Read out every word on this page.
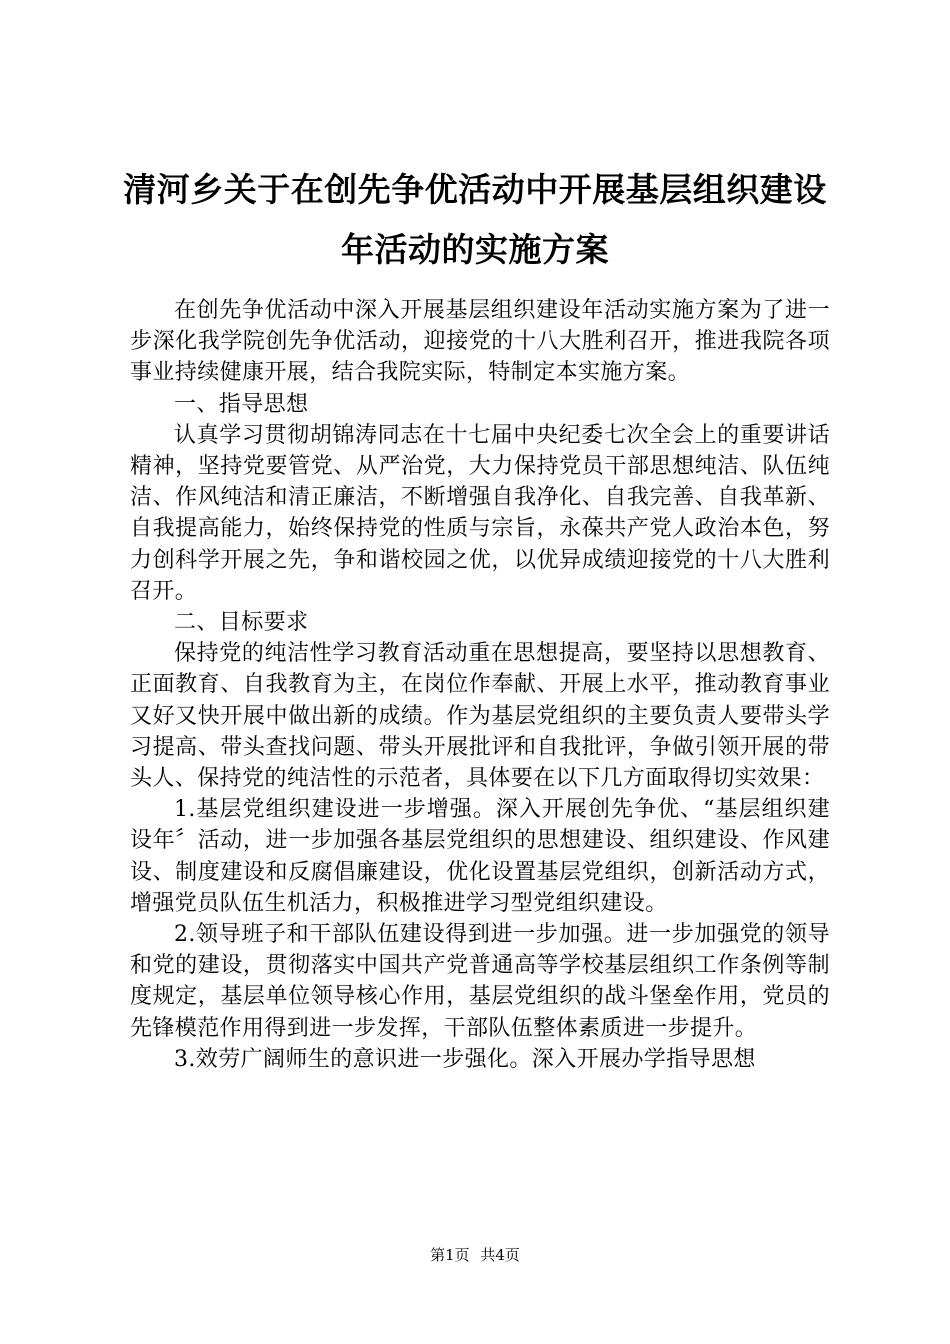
清河乡关于在创先争优活动中开展基层组织建设年活动的实施方案

在创先争优活动中深入开展基层组织建设年活动实施方案为了进一步深化我学院创先争优活动，迎接党的十八大胜利召开，推进我院各项事业持续健康开展，结合我院实际，特制定本实施方案。

一、指导思想

认真学习贯彻胡锦涛同志在十七届中央纪委七次全会上的重要讲话精神，坚持党要管党、从严治党，大力保持党员干部思想纯洁、队伍纯洁、作风纯洁和清正廉洁，不断增强自我净化、自我完善、自我革新、自我提高能力，始终保持党的性质与宗旨，永葆共产党人政治本色，努力创科学开展之先，争和谐校园之优，以优异成绩迎接党的十八大胜利召开。

二、目标要求

保持党的纯洁性学习教育活动重在思想提高，要坚持以思想教育、正面教育、自我教育为主，在岗位作奉献、开展上水平，推动教育事业又好又快开展中做出新的成绩。作为基层党组织的主要负责人要带头学习提高、带头查找问题、带头开展批评和自我批评，争做引领开展的带头人、保持党的纯洁性的示范者，具体要在以下几方面取得切实效果：

1.基层党组织建设进一步增强。深入开展创先争优、“基层组织建设年〞活动，进一步加强各基层党组织的思想建设、组织建设、作风建设、制度建设和反腐倡廉建设，优化设置基层党组织，创新活动方式，增强党员队伍生机活力，积极推进学习型党组织建设。

2.领导班子和干部队伍建设得到进一步加强。进一步加强党的领导和党的建设，贯彻落实中国共产党普通高等学校基层组织工作条例等制度规定，基层单位领导核心作用，基层党组织的战斗堡垒作用，党员的先锋模范作用得到进一步发挥，干部队伍整体素质进一步提升。

3.效劳广阔师生的意识进一步强化。深入开展办学指导思想

第1页 共4页
